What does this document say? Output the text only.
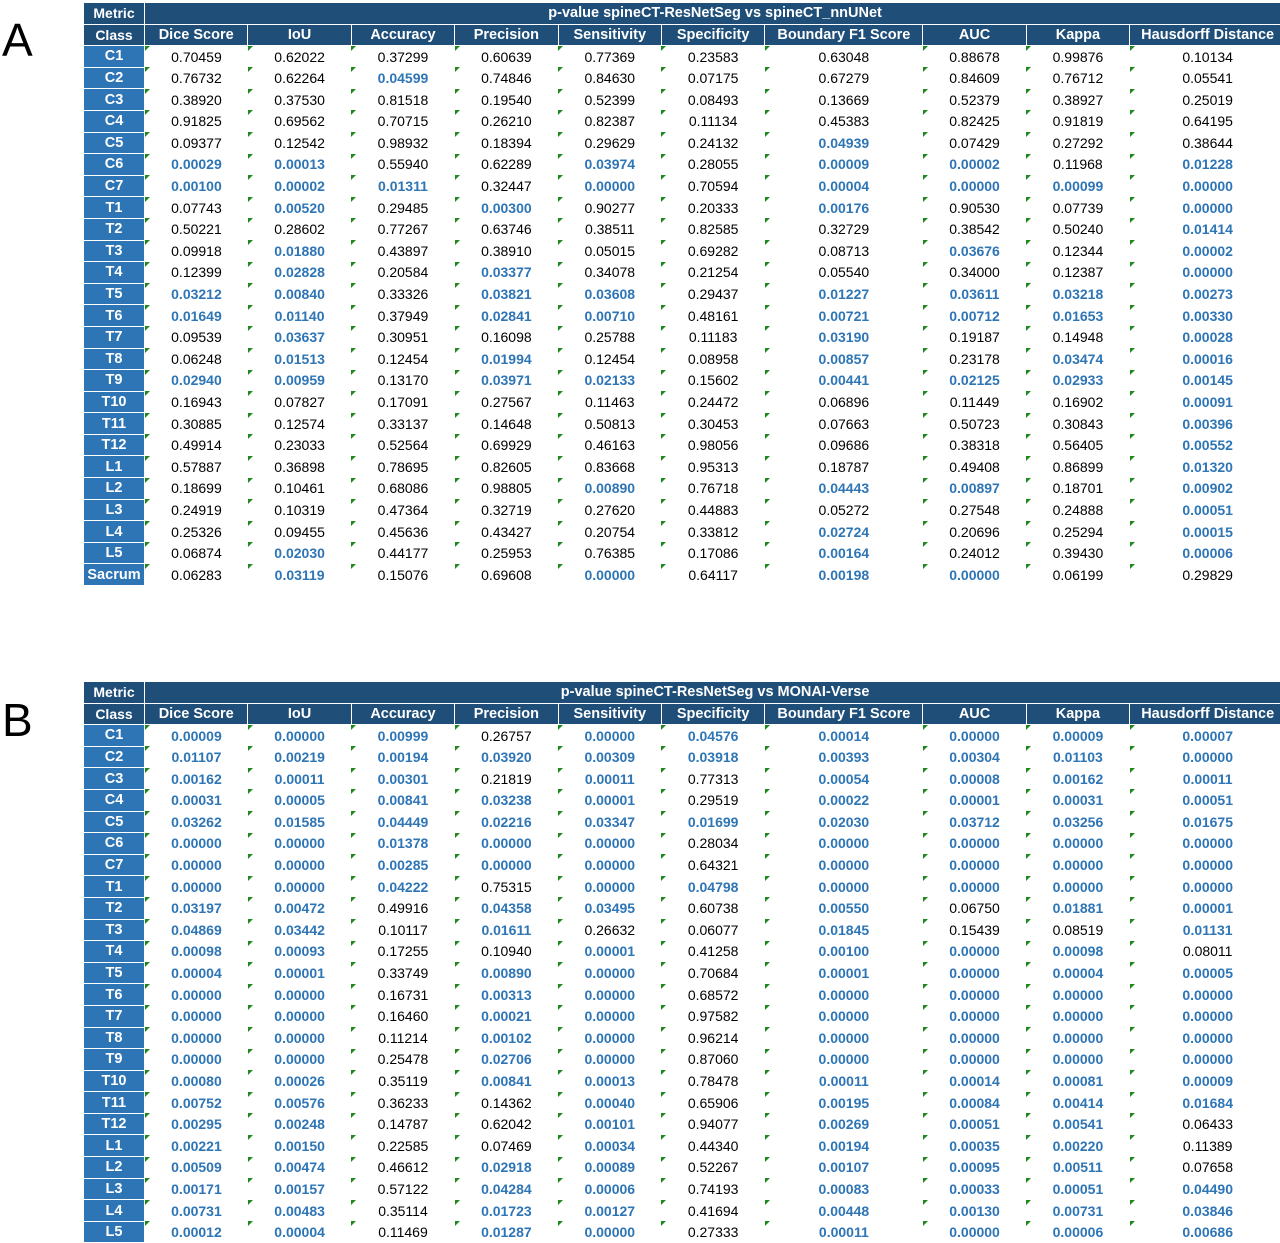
A
Metric	p-value spineCT-ResNetSeg vs spineCT_nnUNet									
Class	Dice Score	IoU	Accuracy	Precision	Sensitivity	Specificity	Boundary F1 Score	AUC	Kappa	Hausdorff Distance
C1	0.70459	0.62022	0.37299	0.60639	0.77369	0.23583	0.63048	0.88678	0.99876	0.10134
C2	0.76732	0.62264	0.04599	0.74846	0.84630	0.07175	0.67279	0.84609	0.76712	0.05541
C3	0.38920	0.37530	0.81518	0.19540	0.52399	0.08493	0.13669	0.52379	0.38927	0.25019
C4	0.91825	0.69562	0.70715	0.26210	0.82387	0.11134	0.45383	0.82425	0.91819	0.64195
C5	0.09377	0.12542	0.98932	0.18394	0.29629	0.24132	0.04939	0.07429	0.27292	0.38644
C6	0.00029	0.00013	0.55940	0.62289	0.03974	0.28055	0.00009	0.00002	0.11968	0.01228
C7	0.00100	0.00002	0.01311	0.32447	0.00000	0.70594	0.00004	0.00000	0.00099	0.00000
T1	0.07743	0.00520	0.29485	0.00300	0.90277	0.20333	0.00176	0.90530	0.07739	0.00000
T2	0.50221	0.28602	0.77267	0.63746	0.38511	0.82585	0.32729	0.38542	0.50240	0.01414
T3	0.09918	0.01880	0.43897	0.38910	0.05015	0.69282	0.08713	0.03676	0.12344	0.00002
T4	0.12399	0.02828	0.20584	0.03377	0.34078	0.21254	0.05540	0.34000	0.12387	0.00000
T5	0.03212	0.00840	0.33326	0.03821	0.03608	0.29437	0.01227	0.03611	0.03218	0.00273
T6	0.01649	0.01140	0.37949	0.02841	0.00710	0.48161	0.00721	0.00712	0.01653	0.00330
T7	0.09539	0.03637	0.30951	0.16098	0.25788	0.11183	0.03190	0.19187	0.14948	0.00028
T8	0.06248	0.01513	0.12454	0.01994	0.12454	0.08958	0.00857	0.23178	0.03474	0.00016
T9	0.02940	0.00959	0.13170	0.03971	0.02133	0.15602	0.00441	0.02125	0.02933	0.00145
T10	0.16943	0.07827	0.17091	0.27567	0.11463	0.24472	0.06896	0.11449	0.16902	0.00091
T11	0.30885	0.12574	0.33137	0.14648	0.50813	0.30453	0.07663	0.50723	0.30843	0.00396
T12	0.49914	0.23033	0.52564	0.69929	0.46163	0.98056	0.09686	0.38318	0.56405	0.00552
L1	0.57887	0.36898	0.78695	0.82605	0.83668	0.95313	0.18787	0.49408	0.86899	0.01320
L2	0.18699	0.10461	0.68086	0.98805	0.00890	0.76718	0.04443	0.00897	0.18701	0.00902
L3	0.24919	0.10319	0.47364	0.32719	0.27620	0.44883	0.05272	0.27548	0.24888	0.00051
L4	0.25326	0.09455	0.45636	0.43427	0.20754	0.33812	0.02724	0.20696	0.25294	0.00015
L5	0.06874	0.02030	0.44177	0.25953	0.76385	0.17086	0.00164	0.24012	0.39430	0.00006
Sacrum	0.06283	0.03119	0.15076	0.69608	0.00000	0.64117	0.00198	0.00000	0.06199	0.29829
B
Metric	p-value spineCT-ResNetSeg vs MONAI-Verse									
Class	Dice Score	IoU	Accuracy	Precision	Sensitivity	Specificity	Boundary F1 Score	AUC	Kappa	Hausdorff Distance
C1	0.00009	0.00000	0.00999	0.26757	0.00000	0.04576	0.00014	0.00000	0.00009	0.00007
C2	0.01107	0.00219	0.00194	0.03920	0.00309	0.03918	0.00393	0.00304	0.01103	0.00000
C3	0.00162	0.00011	0.00301	0.21819	0.00011	0.77313	0.00054	0.00008	0.00162	0.00011
C4	0.00031	0.00005	0.00841	0.03238	0.00001	0.29519	0.00022	0.00001	0.00031	0.00051
C5	0.03262	0.01585	0.04449	0.02216	0.03347	0.01699	0.02030	0.03712	0.03256	0.01675
C6	0.00000	0.00000	0.01378	0.00000	0.00000	0.28034	0.00000	0.00000	0.00000	0.00000
C7	0.00000	0.00000	0.00285	0.00000	0.00000	0.64321	0.00000	0.00000	0.00000	0.00000
T1	0.00000	0.00000	0.04222	0.75315	0.00000	0.04798	0.00000	0.00000	0.00000	0.00000
T2	0.03197	0.00472	0.49916	0.04358	0.03495	0.60738	0.00550	0.06750	0.01881	0.00001
T3	0.04869	0.03442	0.10117	0.01611	0.26632	0.06077	0.01845	0.15439	0.08519	0.01131
T4	0.00098	0.00093	0.17255	0.10940	0.00001	0.41258	0.00100	0.00000	0.00098	0.08011
T5	0.00004	0.00001	0.33749	0.00890	0.00000	0.70684	0.00001	0.00000	0.00004	0.00005
T6	0.00000	0.00000	0.16731	0.00313	0.00000	0.68572	0.00000	0.00000	0.00000	0.00000
T7	0.00000	0.00000	0.16460	0.00021	0.00000	0.97582	0.00000	0.00000	0.00000	0.00000
T8	0.00000	0.00000	0.11214	0.00102	0.00000	0.96214	0.00000	0.00000	0.00000	0.00000
T9	0.00000	0.00000	0.25478	0.02706	0.00000	0.87060	0.00000	0.00000	0.00000	0.00000
T10	0.00080	0.00026	0.35119	0.00841	0.00013	0.78478	0.00011	0.00014	0.00081	0.00009
T11	0.00752	0.00576	0.36233	0.14362	0.00040	0.65906	0.00195	0.00084	0.00414	0.01684
T12	0.00295	0.00248	0.14787	0.62042	0.00101	0.94077	0.00269	0.00051	0.00541	0.06433
L1	0.00221	0.00150	0.22585	0.07469	0.00034	0.44340	0.00194	0.00035	0.00220	0.11389
L2	0.00509	0.00474	0.46612	0.02918	0.00089	0.52267	0.00107	0.00095	0.00511	0.07658
L3	0.00171	0.00157	0.57122	0.04284	0.00006	0.74193	0.00083	0.00033	0.00051	0.04490
L4	0.00731	0.00483	0.35114	0.01723	0.00127	0.41694	0.00448	0.00130	0.00731	0.03846
L5	0.00012	0.00004	0.11469	0.01287	0.00000	0.27333	0.00011	0.00000	0.00006	0.00686
